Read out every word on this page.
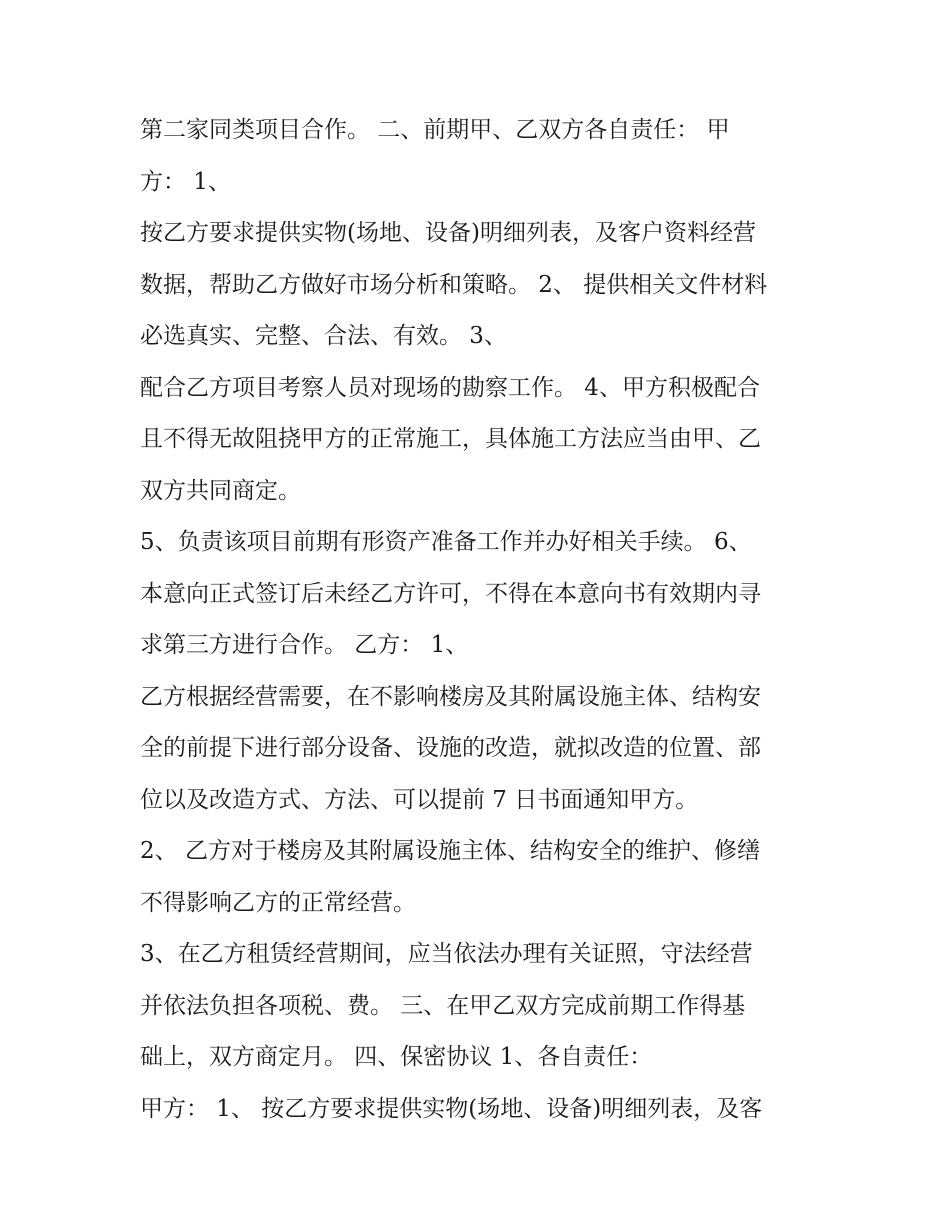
第二家同类项目合作。 二、前期甲、乙双方各自责任： 甲
方： 1、
按乙方要求提供实物(场地、设备)明细列表，及客户资料经营
数据，帮助乙方做好市场分析和策略。 2、 提供相关文件材料
必选真实、完整、合法、有效。 3、
配合乙方项目考察人员对现场的勘察工作。 4、甲方积极配合
且不得无故阻挠甲方的正常施工，具体施工方法应当由甲、乙
双方共同商定。
5、负责该项目前期有形资产准备工作并办好相关手续。 6、
本意向正式签订后未经乙方许可，不得在本意向书有效期内寻
求第三方进行合作。 乙方： 1、
乙方根据经营需要，在不影响楼房及其附属设施主体、结构安
全的前提下进行部分设备、设施的改造，就拟改造的位置、部
位以及改造方式、方法、可以提前 7 日书面通知甲方。
2、 乙方对于楼房及其附属设施主体、结构安全的维护、修缮
不得影响乙方的正常经营。
3、在乙方租赁经营期间，应当依法办理有关证照，守法经营
并依法负担各项税、费。 三、在甲乙双方完成前期工作得基
础上，双方商定月。 四、保密协议 1、各自责任：
甲方： 1、 按乙方要求提供实物(场地、设备)明细列表，及客
